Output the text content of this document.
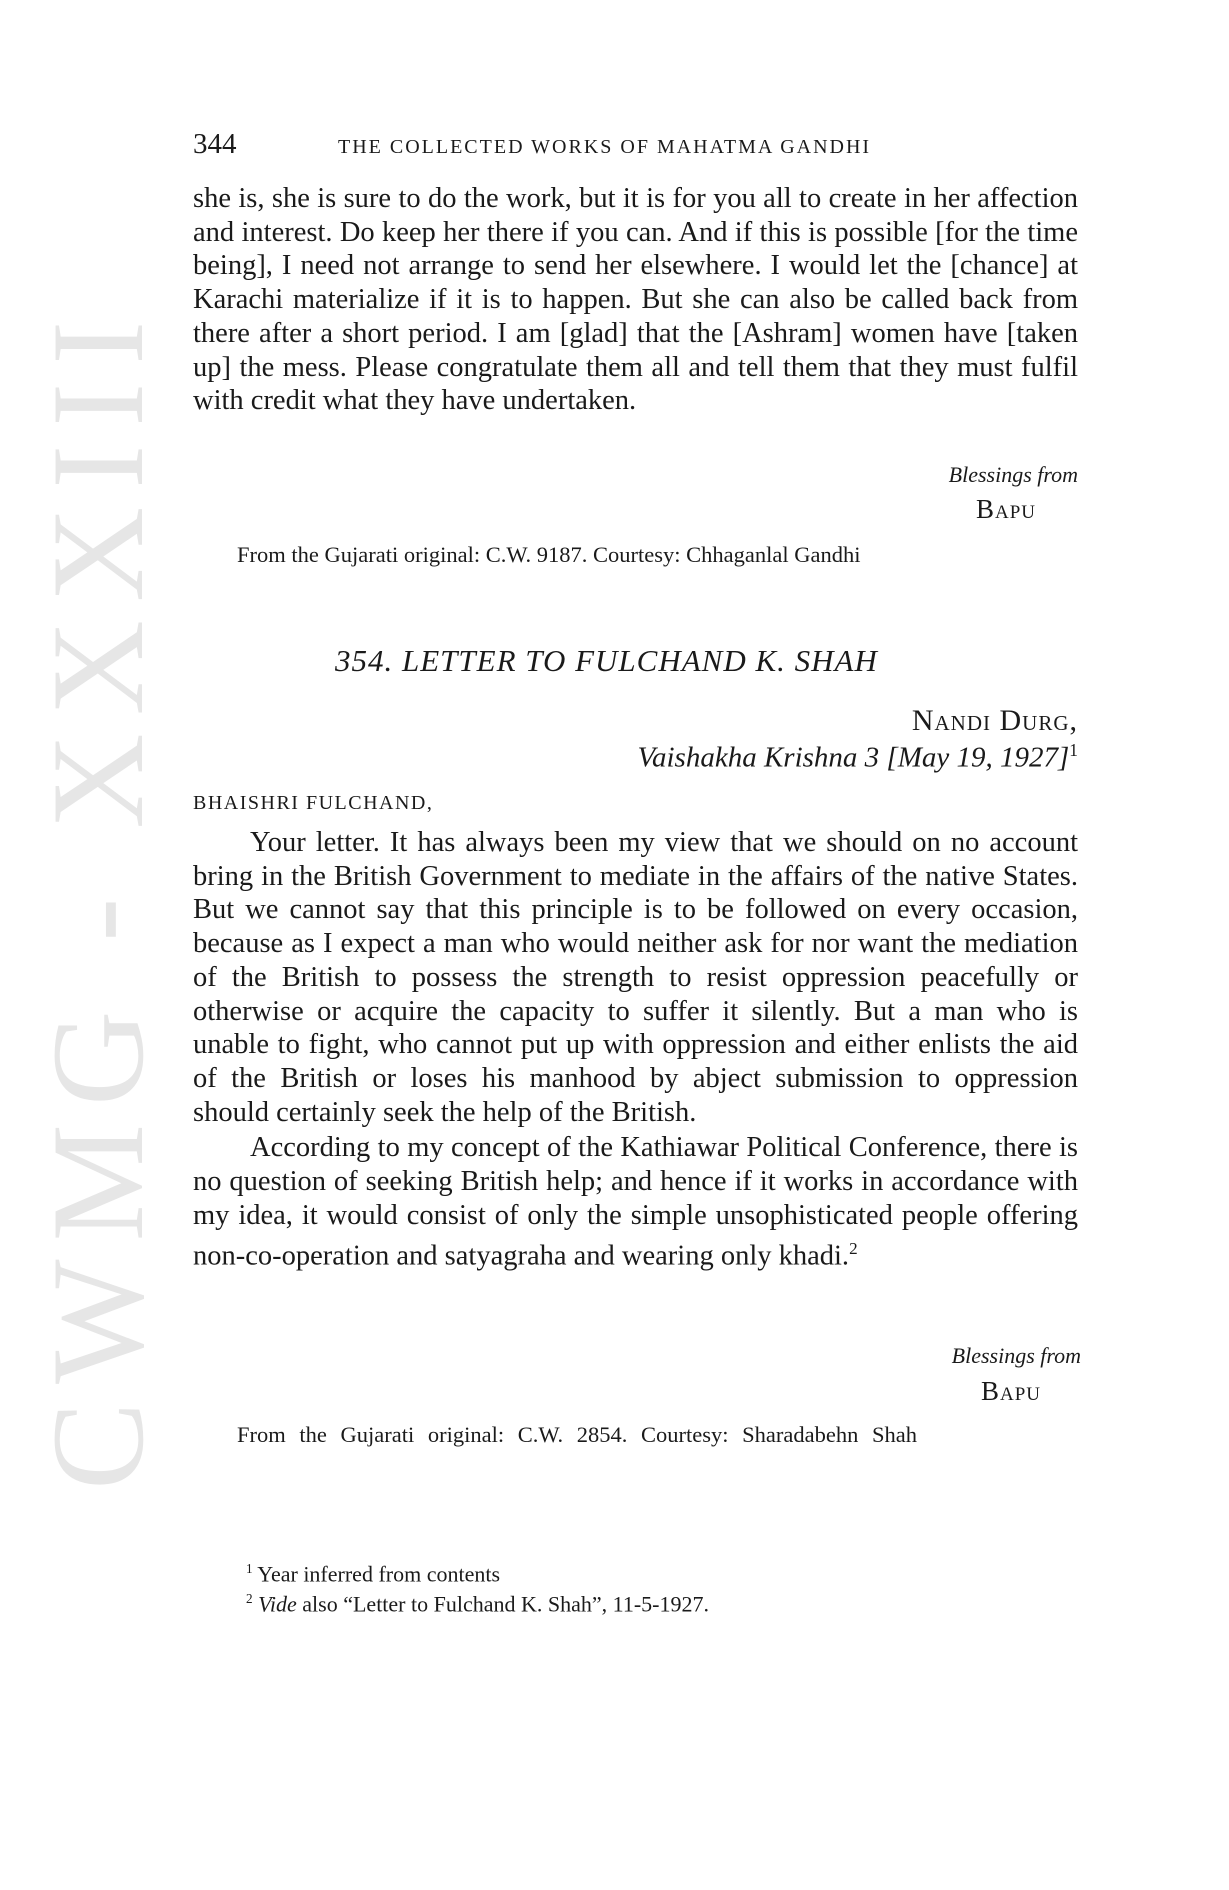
CWMG - XXXIII
344	THE COLLECTED WORKS OF MAHATMA GANDHI

she is, she is sure to do the work, but it is for you all to create in her affection and interest. Do keep her there if you can. And if this is possible [for the time being], I need not arrange to send her elsewhere. I would let the [chance] at Karachi materialize if it is to happen. But she can also be called back from there after a short period. I am [glad] that the [Ashram] women have [taken up] the mess. Please congratulate them all and tell them that they must fulfil with credit what they have undertaken.

Blessings from
Bapu
From the Gujarati original: C.W. 9187. Courtesy: Chhaganlal Gandhi
354. LETTER TO FULCHAND K. SHAH
Nandi Durg,
Vaishakha Krishna 3 [May 19, 1927]$^1$
BHAISHRI FULCHAND,

Your letter. It has always been my view that we should on no account bring in the British Government to mediate in the affairs of the native States. But we cannot say that this principle is to be followed on every occasion, because as I expect a man who would neither ask for nor want the mediation of the British to possess the strength to resist oppression peacefully or otherwise or acquire the capacity to suffer it silently. But a man who is unable to fight, who cannot put up with oppression and either enlists the aid of the British or loses his manhood by abject submission to oppression should certainly seek the help of the British.

According to my concept of the Kathiawar Political Conference, there is no question of seeking British help; and hence if it works in accordance with my idea, it would consist of only the simple unsophisticated people offering non-co-operation and satyagraha and wearing only khadi.$^2$

Blessings from
Bapu
From the Gujarati original: C.W. 2854. Courtesy: Sharadabehn Shah
$^1$ Year inferred from contents
$^2$ Vide also “Letter to Fulchand K. Shah”, 11-5-1927.
